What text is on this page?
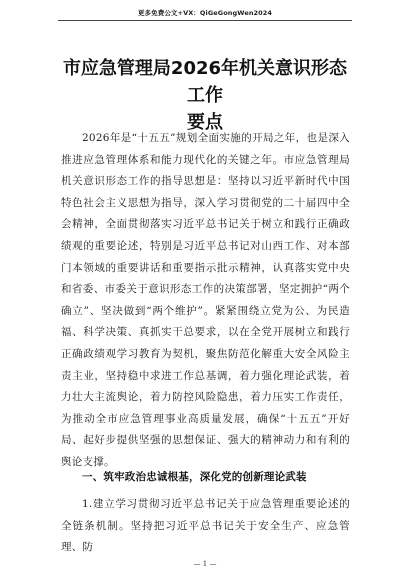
更多免费公文+VX：QiGeGongWen2024
市应急管理局2026年机关意识形态工作
要点

2026年是“十五五”规划全面实施的开局之年，也是深入推进应急管理体系和能力现代化的关键之年。市应急管理局机关意识形态工作的指导思想是：坚持以习近平新时代中国特色社会主义思想为指导，深入学习贯彻党的二十届四中全会精神，全面贯彻落实习近平总书记关于树立和践行正确政绩观的重要论述，特别是习近平总书记对山西工作、对本部门本领域的重要讲话和重要指示批示精神，认真落实党中央和省委、市委关于意识形态工作的决策部署，坚定拥护“两个确立”、坚决做到“两个维护”。紧紧围绕立党为公、为民造福、科学决策、真抓实干总要求，以在全党开展树立和践行正确政绩观学习教育为契机，聚焦防范化解重大安全风险主责主业，坚持稳中求进工作总基调，着力强化理论武装，着力壮大主流舆论，着力防控风险隐患，着力压实工作责任，为推动全市应急管理事业高质量发展，确保“十五五”开好局、起好步提供坚强的思想保证、强大的精神动力和有利的舆论支撑。

一、筑牢政治忠诚根基，深化党的创新理论武装

1.建立学习贯彻习近平总书记关于应急管理重要论述的全链条机制。坚持把习近平总书记关于安全生产、应急管理、防

— 1 —
